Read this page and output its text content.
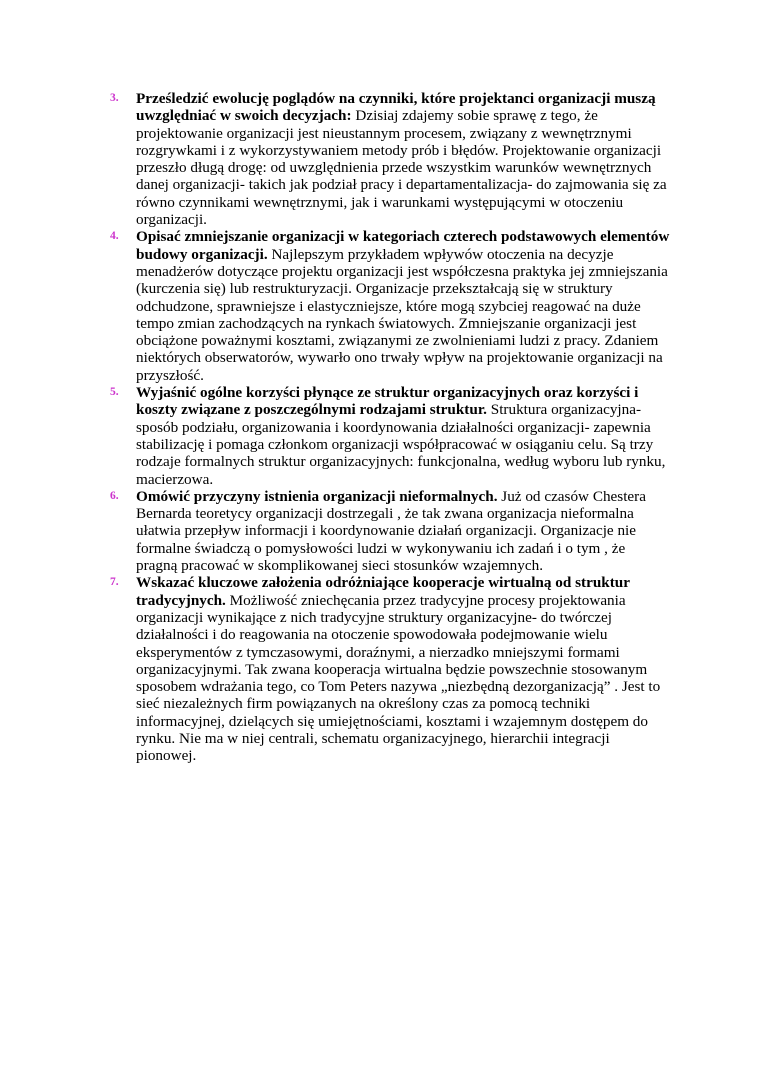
3. Prześledzić ewolucję poglądów na czynniki, które projektanci organizacji muszą uwzględniać w swoich decyzjach: Dzisiaj zdajemy sobie sprawę z tego, że projektowanie organizacji jest nieustannym procesem, związany z wewnętrznymi rozgrywkami i z wykorzystywaniem metody prób i błędów. Projektowanie organizacji przeszło długą drogę: od uwzględnienia przede wszystkim warunków wewnętrznych danej organizacji- takich jak podział pracy i departamentalizacja- do zajmowania się za równo czynnikami wewnętrznymi, jak i warunkami występującymi w otoczeniu organizacji.
4. Opisać zmniejszanie organizacji w kategoriach czterech podstawowych elementów budowy organizacji. Najlepszym przykładem wpływów otoczenia na decyzje menadżerów dotyczące projektu organizacji jest współczesna praktyka jej zmniejszania (kurczenia się) lub restrukturyzacji. Organizacje przekształcają się w struktury odchudzone, sprawniejsze i elastyczniejsze, które mogą szybciej reagować na duże tempo zmian zachodzących na rynkach światowych. Zmniejszanie organizacji jest obciążone poważnymi kosztami, związanymi ze zwolnieniami ludzi z pracy. Zdaniem niektórych obserwatorów, wywarło ono trwały wpływ na projektowanie organizacji na przyszłość.
5. Wyjaśnić ogólne korzyści płynące ze struktur organizacyjnych oraz korzyści i koszty związane z poszczególnymi rodzajami struktur. Struktura organizacyjna- sposób podziału, organizowania i koordynowania działalności organizacji- zapewnia stabilizację i pomaga członkom organizacji współpracować w osiąganiu celu. Są trzy rodzaje formalnych struktur organizacyjnych: funkcjonalna, według wyboru lub rynku, macierzowa.
6. Omówić przyczyny istnienia organizacji nieformalnych. Już od czasów Chestera Bernarda teoretycy organizacji dostrzegali , że tak zwana organizacja nieformalna ułatwia przepływ informacji i koordynowanie działań organizacji. Organizacje nie formalne świadczą o pomysłowości ludzi w wykonywaniu ich zadań i o tym , że pragną pracować w skomplikowanej sieci stosunków wzajemnych.
7. Wskazać kluczowe założenia odróżniające kooperacje wirtualną od struktur tradycyjnych. Możliwość zniechęcania przez tradycyjne procesy projektowania organizacji wynikające z nich tradycyjne struktury organizacyjne- do twórczej działalności i do reagowania na otoczenie spowodowała podejmowanie wielu eksperymentów z tymczasowymi, doraźnymi, a nierzadko mniejszymi formami organizacyjnymi. Tak zwana kooperacja wirtualna będzie powszechnie stosowanym sposobem wdrażania tego, co Tom Peters nazywa „niezbędną dezorganizacją” . Jest to sieć niezależnych firm powiązanych na określony czas za pomocą techniki informacyjnej, dzielących się umiejętnościami, kosztami i wzajemnym dostępem do rynku. Nie ma w niej centrali, schematu organizacyjnego, hierarchii integracji pionowej.
